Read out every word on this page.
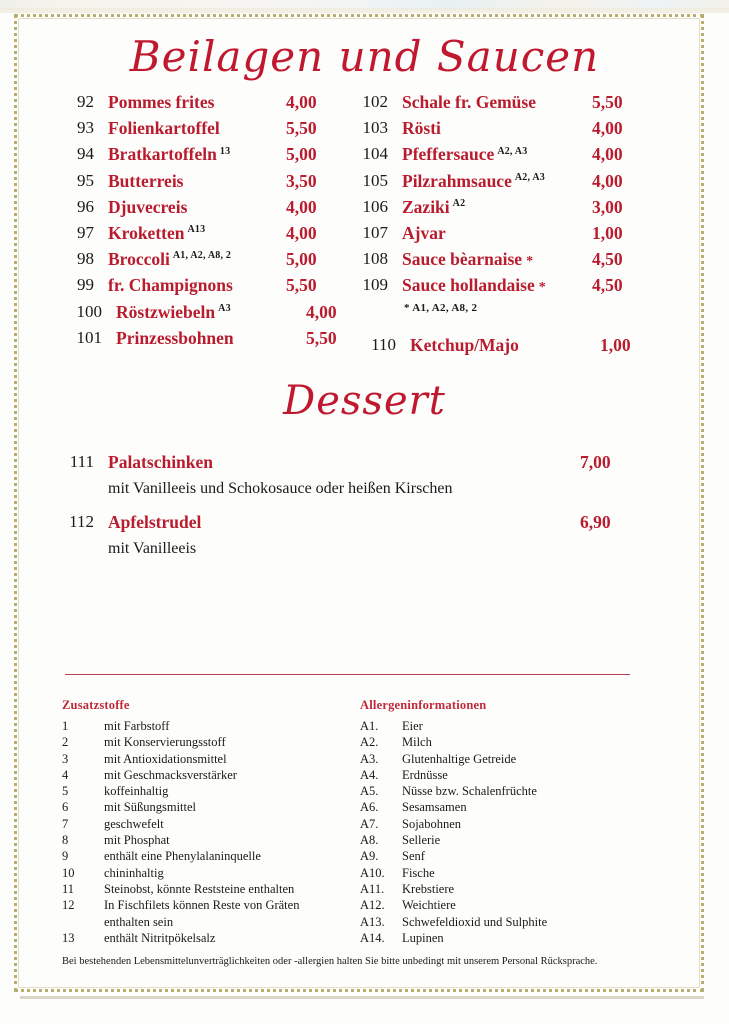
Beilagen und Saucen
92 Pommes frites	4,00
93 Folienkartoffel	5,50
94 Bratkartoffeln $^{13}$	5,00
95 Butterreis	3,50
96 Djuvecreis	4,00
97 Kroketten $^{A13}$	4,00
98 Broccoli $^{A1, A2, A8, 2}$	5,00
99 fr. Champignons	5,50
100 Röstzwiebeln $^{A3}$	4,00
101 Prinzessbohnen	5,50
102 Schale fr. Gemüse	5,50
103 Rösti	4,00
104 Pfeffersauce $^{A2, A3}$	4,00
105 Pilzrahmsauce $^{A2, A3}$	4,00
106 Zaziki $^{A2}$	3,00
107 Ajvar	1,00
108 Sauce bèarnaise *	4,50
109 Sauce hollandaise *	4,50
* A1, A2, A8, 2
110 Ketchup/Majo	1,00
Dessert
111 Palatschinken	7,00
mit Vanilleeis und Schokosauce oder heißen Kirschen
112 Apfelstrudel	6,90
mit Vanilleeis
Zusatzstoffe
1	mit Farbstoff
2	mit Konservierungsstoff
3	mit Antioxidationsmittel
4	mit Geschmacksverstärker
5	koffeinhaltig
6	mit Süßungsmittel
7	geschwefelt
8	mit Phosphat
9	enthält eine Phenylalaninquelle
10	chininhaltig
11	Steinobst, könnte Reststeine enthalten
12	In Fischfilets können Reste von Gräten
enthalten sein
13	enthält Nitritpökelsalz
Allergeninformationen
A1.	Eier
A2.	Milch
A3.	Glutenhaltige Getreide
A4.	Erdnüsse
A5.	Nüsse bzw. Schalenfrüchte
A6.	Sesamsamen
A7.	Sojabohnen
A8.	Sellerie
A9.	Senf
A10.	Fische
A11.	Krebstiere
A12.	Weichtiere
A13.	Schwefeldioxid und Sulphite
A14.	Lupinen
Bei bestehenden Lebensmittelunverträglichkeiten oder -allergien halten Sie bitte unbedingt mit unserem Personal Rücksprache.
